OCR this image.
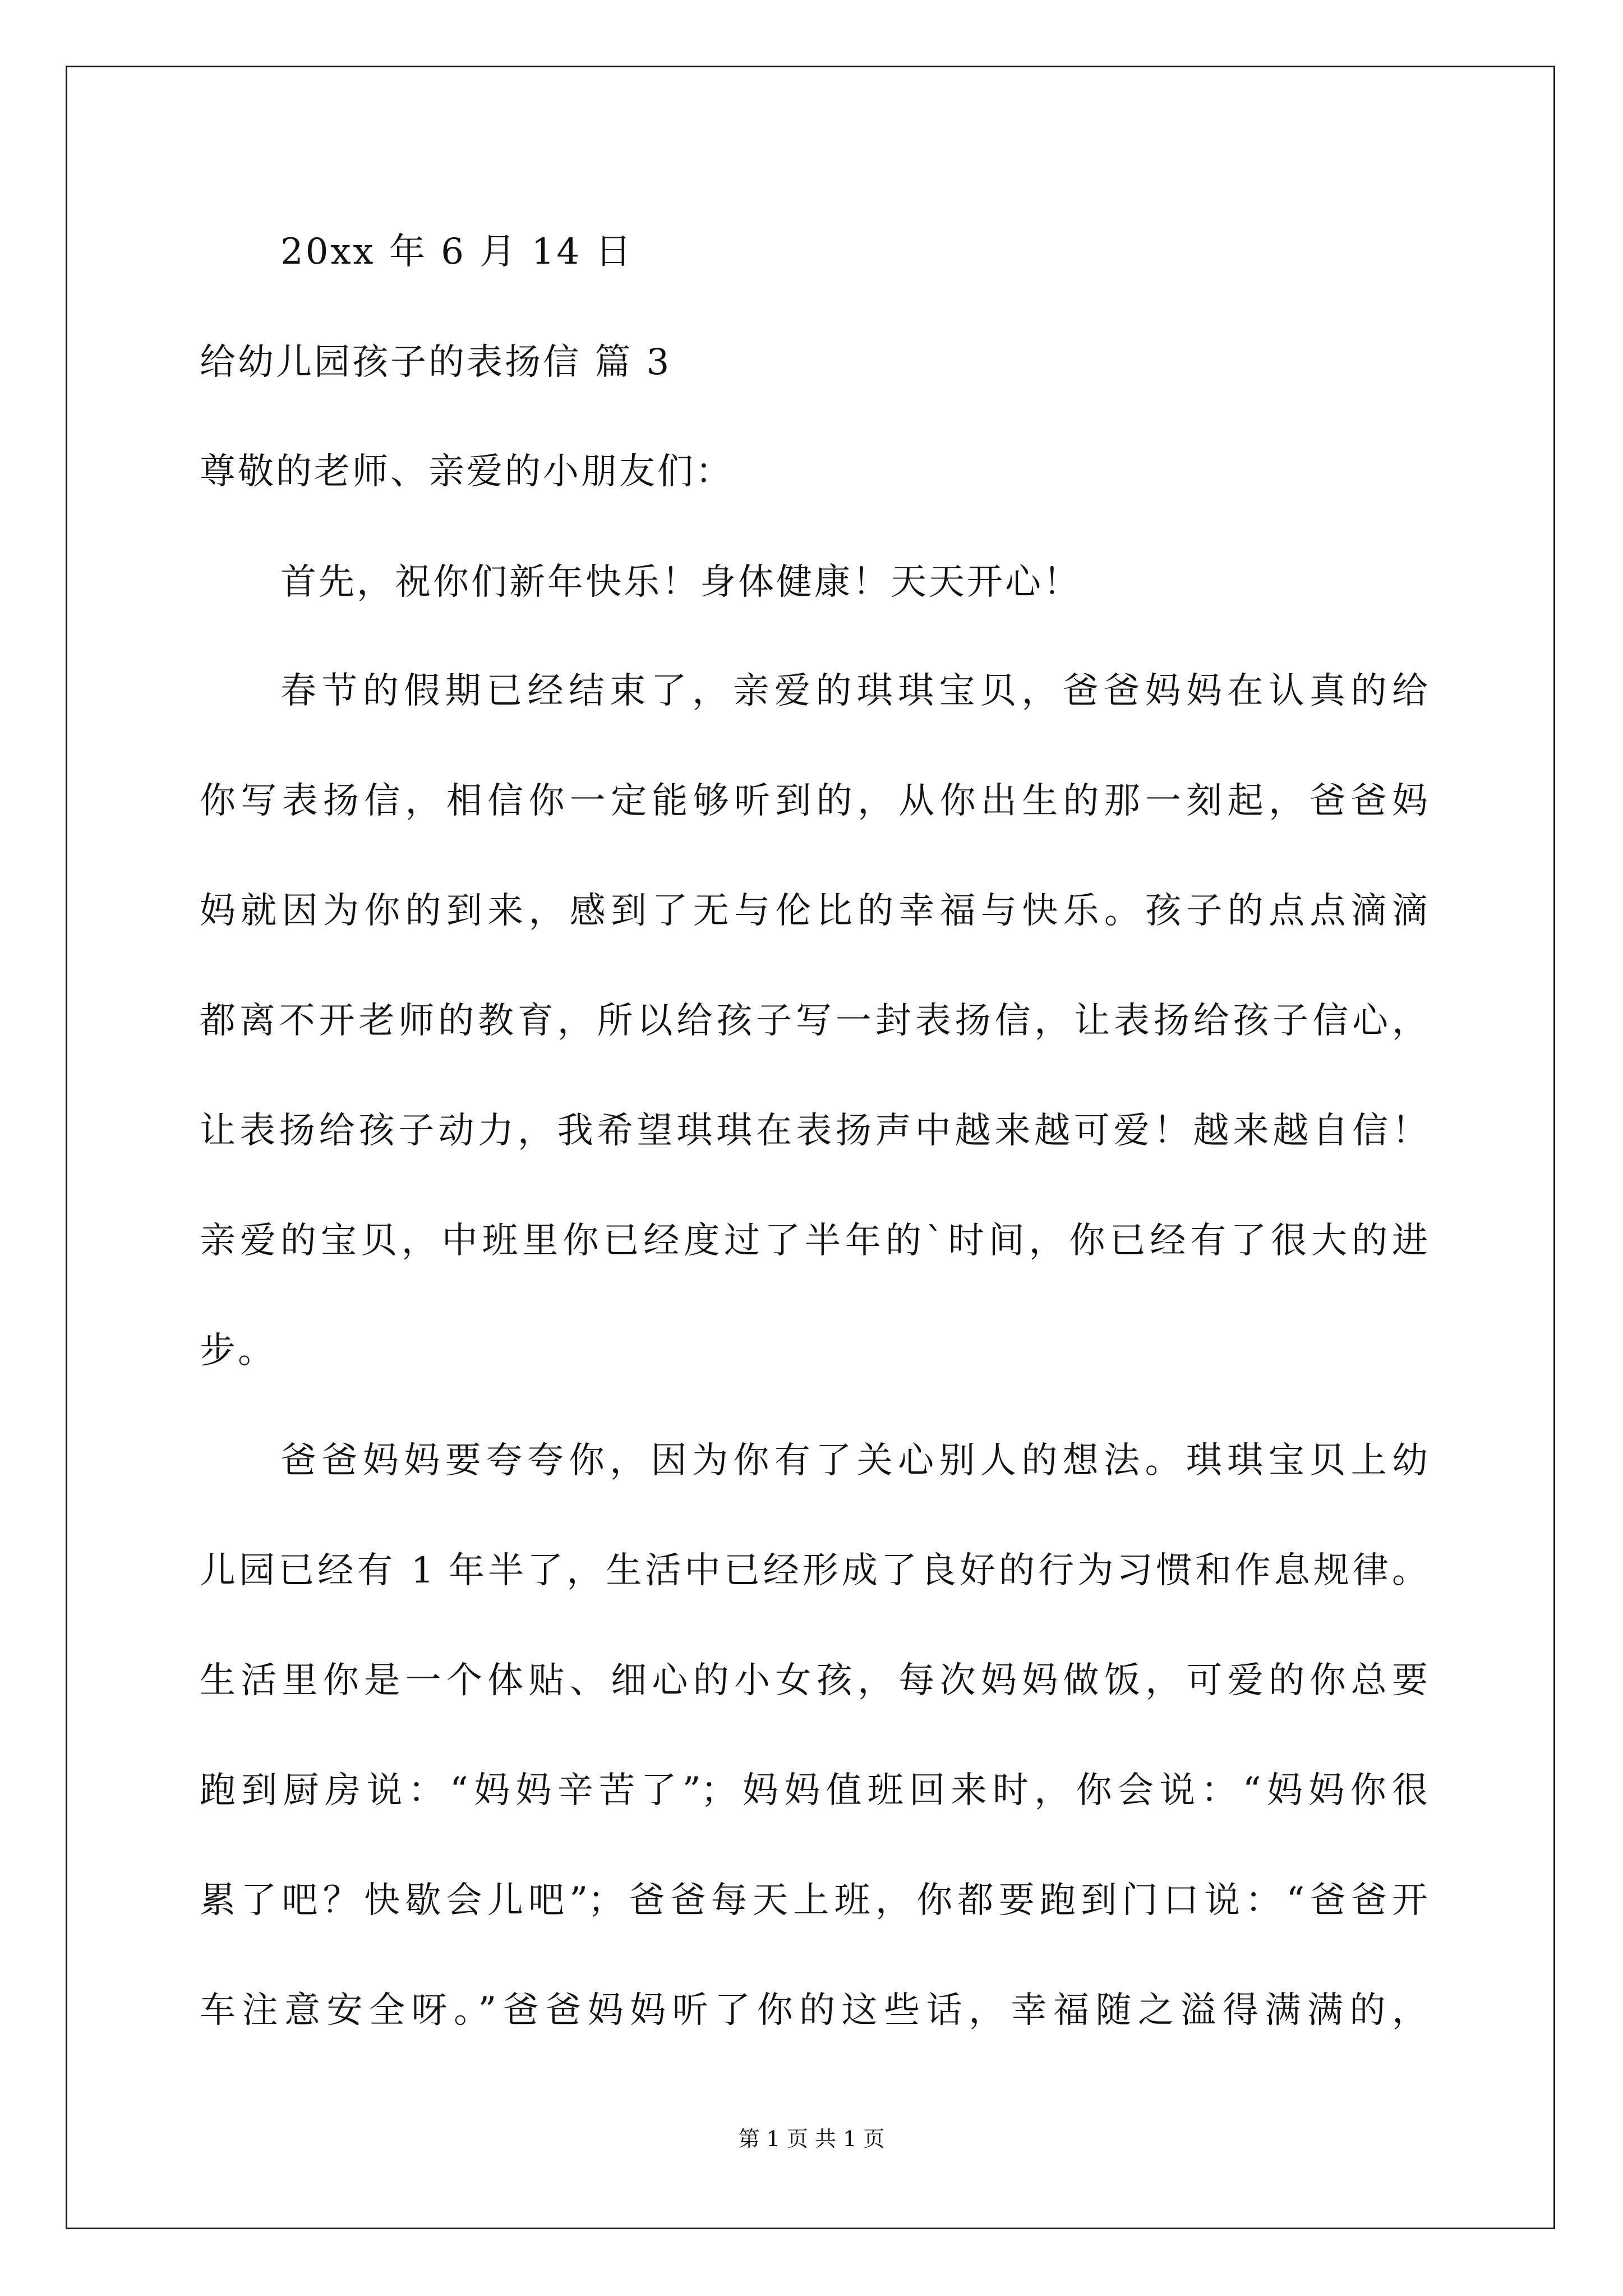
20xx 年 6 月 14 日
给幼儿园孩子的表扬信 篇 3
尊敬的老师、亲爱的小朋友们：
首先，祝你们新年快乐！身体健康！天天开心！
春节的假期已经结束了，亲爱的琪琪宝贝，爸爸妈妈在认真的给
你写表扬信，相信你一定能够听到的，从你出生的那一刻起，爸爸妈
妈就因为你的到来，感到了无与伦比的幸福与快乐。孩子的点点滴滴
都离不开老师的教育，所以给孩子写一封表扬信，让表扬给孩子信心，
让表扬给孩子动力，我希望琪琪在表扬声中越来越可爱！越来越自信！
亲爱的宝贝，中班里你已经度过了半年的`时间，你已经有了很大的进
步。
爸爸妈妈要夸夸你，因为你有了关心别人的想法。琪琪宝贝上幼
儿园已经有 1 年半了，生活中已经形成了良好的行为习惯和作息规律。
生活里你是一个体贴、细心的小女孩，每次妈妈做饭，可爱的你总要
跑到厨房说：“妈妈辛苦了”；妈妈值班回来时，你会说：“妈妈你很
累了吧？快歇会儿吧”；爸爸每天上班，你都要跑到门口说：“爸爸开
车注意安全呀。”爸爸妈妈听了你的这些话，幸福随之溢得满满的，
第 1 页 共 1 页
